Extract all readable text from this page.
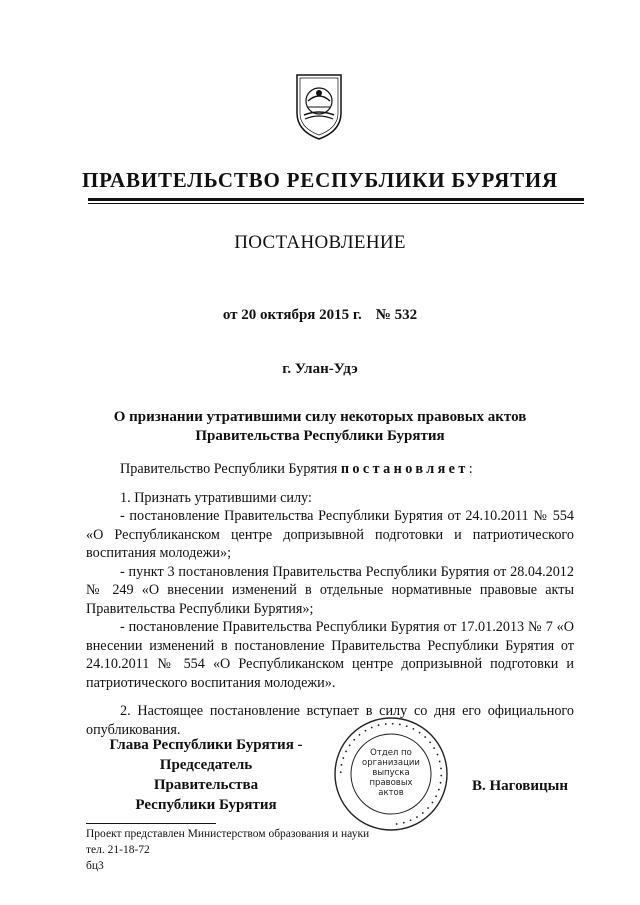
ПРАВИТЕЛЬСТВО РЕСПУБЛИКИ БУРЯТИЯ
ПОСТАНОВЛЕНИЕ
от 20 октября 2015 г. № 532
г. Улан-Удэ
О признании утратившими силу некоторых правовых актов
Правительства Республики Бурятия

Правительство Республики Бурятия постановляет:

1. Признать утратившими силу:

- постановление Правительства Республики Бурятия от 24.10.2011 № 554 «О Республиканском центре допризывной подготовки и патриотического воспитания молодежи»;

- пункт 3 постановления Правительства Республики Бурятия от 28.04.2012 № 249 «О внесении изменений в отдельные нормативные правовые акты Правительства Республики Бурятия»;

- постановление Правительства Республики Бурятия от 17.01.2013 № 7 «О внесении изменений в постановление Правительства Республики Бурятия от 24.10.2011 № 554 «О Республиканском центре допризывной подготовки и патриотического воспитания молодежи».

2. Настоящее постановление вступает в силу со дня его официального опубликования.

Глава Республики Бурятия -
Председатель Правительства
Республики Бурятия
• • • • • • • • • • • • • • • • • • • • • • • • • • • • • • • • •
Отдел по
организации
выпуска
правовых
актов	В. Наговицын
Проект представлен Министерством образования и науки
тел. 21-18-72
бц3
